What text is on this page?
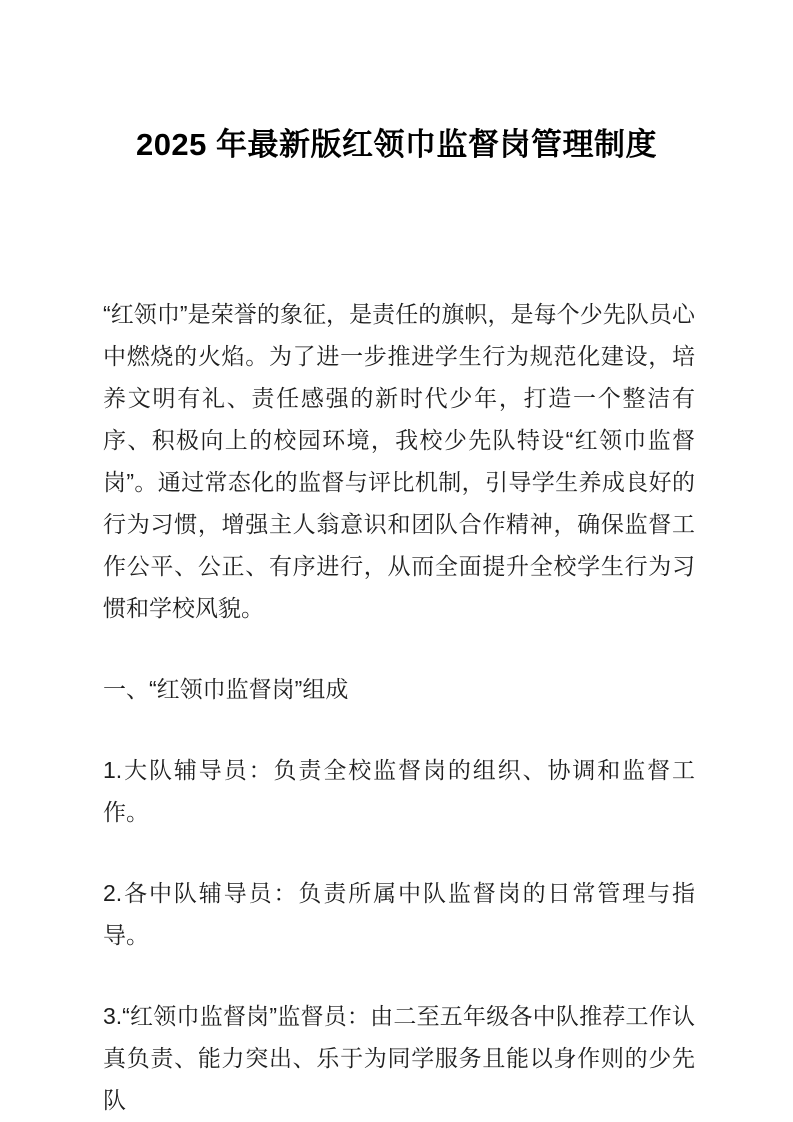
2025 年最新版红领巾监督岗管理制度

“红领巾”是荣誉的象征，是责任的旗帜，是每个少先队员心中燃烧的火焰。为了进一步推进学生行为规范化建设，培养文明有礼、责任感强的新时代少年，打造一个整洁有序、积极向上的校园环境，我校少先队特设“红领巾监督岗”。通过常态化的监督与评比机制，引导学生养成良好的行为习惯，增强主人翁意识和团队合作精神，确保监督工作公平、公正、有序进行，从而全面提升全校学生行为习惯和学校风貌。

一、“红领巾监督岗”组成

1.大队辅导员：负责全校监督岗的组织、协调和监督工作。

2.各中队辅导员：负责所属中队监督岗的日常管理与指导。

3.“红领巾监督岗”监督员：由二至五年级各中队推荐工作认真负责、能力突出、乐于为同学服务且能以身作则的少先队
